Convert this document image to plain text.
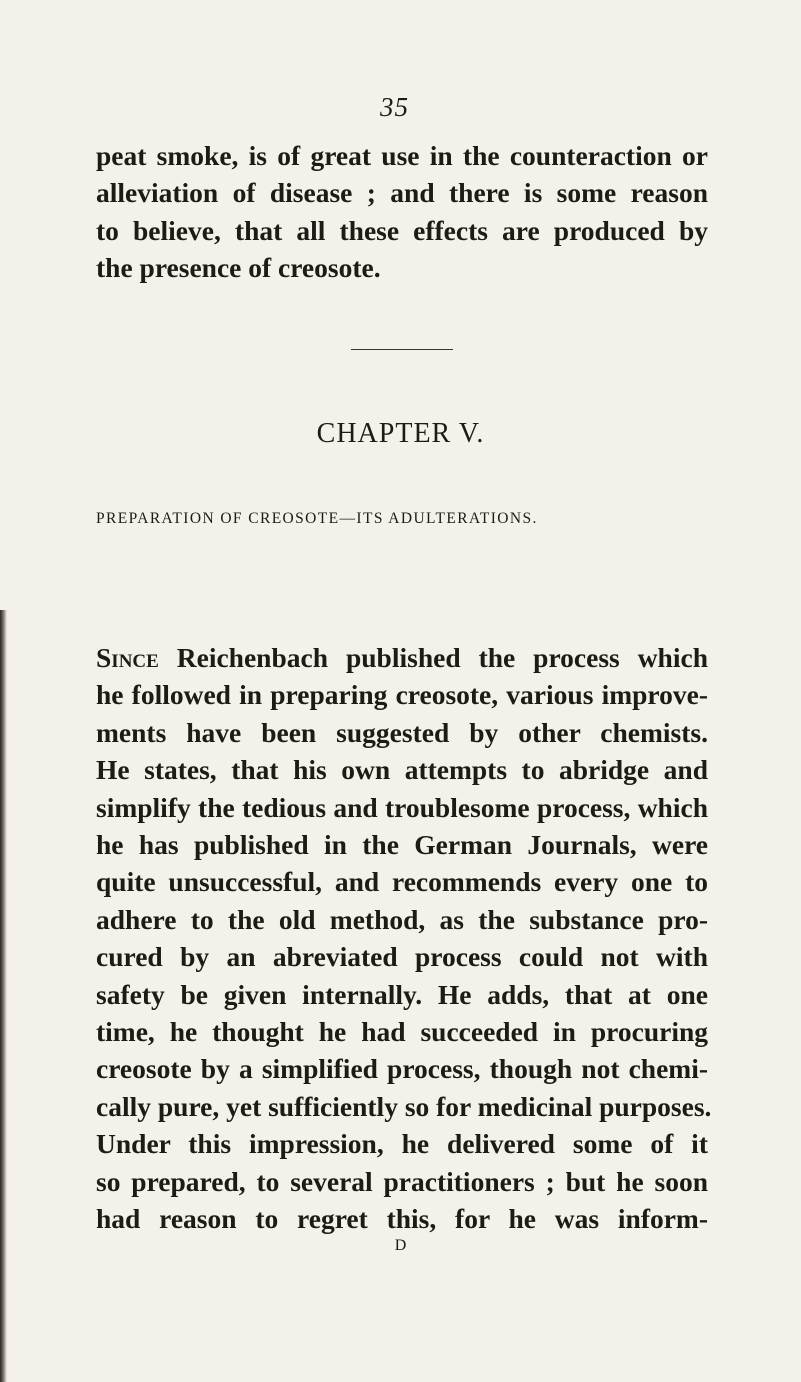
35

peat smoke, is of great use in the counteraction or
alleviation of disease ; and there is some reason
to believe, that all these effects are produced by
the presence of creosote.

CHAPTER V.
PREPARATION OF CREOSOTE—ITS ADULTERATIONS.

Since Reichenbach published the process which
he followed in preparing creosote, various improve-
ments have been suggested by other chemists.
He states, that his own attempts to abridge and
simplify the tedious and troublesome process, which
he has published in the German Journals, were
quite unsuccessful, and recommends every one to
adhere to the old method, as the substance pro-
cured by an abreviated process could not with
safety be given internally. He adds, that at one
time, he thought he had succeeded in procuring
creosote by a simplified process, though not chemi-
cally pure, yet sufficiently so for medicinal purposes.
Under this impression, he delivered some of it
so prepared, to several practitioners ; but he soon
had reason to regret this, for he was inform-

D
